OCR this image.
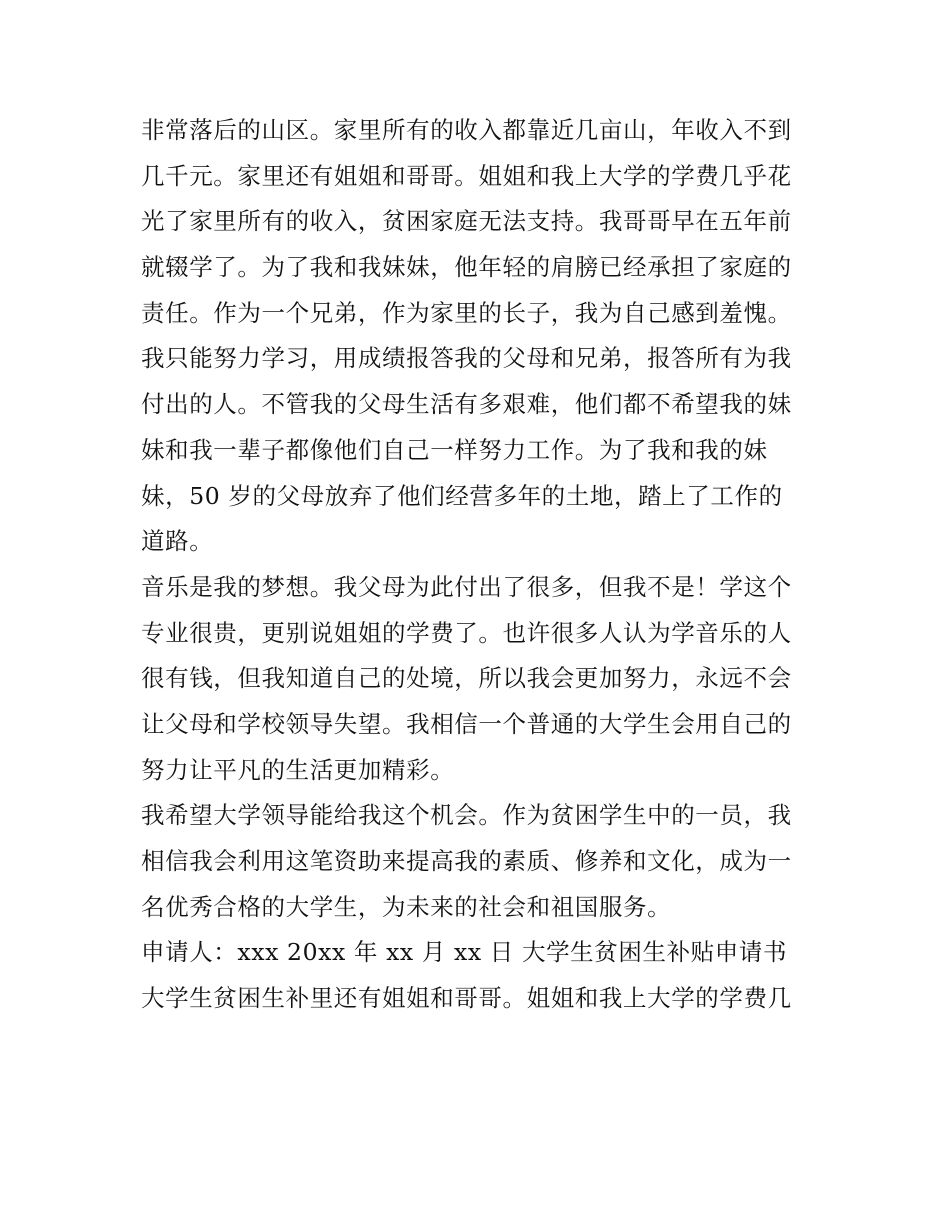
非常落后的山区。家里所有的收入都靠近几亩山，年收入不到
几千元。家里还有姐姐和哥哥。姐姐和我上大学的学费几乎花
光了家里所有的收入，贫困家庭无法支持。我哥哥早在五年前
就辍学了。为了我和我妹妹，他年轻的肩膀已经承担了家庭的
责任。作为一个兄弟，作为家里的长子，我为自己感到羞愧。
我只能努力学习，用成绩报答我的父母和兄弟，报答所有为我
付出的人。不管我的父母生活有多艰难，他们都不希望我的妹
妹和我一辈子都像他们自己一样努力工作。为了我和我的妹
妹，50 岁的父母放弃了他们经营多年的土地，踏上了工作的
道路。
音乐是我的梦想。我父母为此付出了很多，但我不是！学这个
专业很贵，更别说姐姐的学费了。也许很多人认为学音乐的人
很有钱，但我知道自己的处境，所以我会更加努力，永远不会
让父母和学校领导失望。我相信一个普通的大学生会用自己的
努力让平凡的生活更加精彩。
我希望大学领导能给我这个机会。作为贫困学生中的一员，我
相信我会利用这笔资助来提高我的素质、修养和文化，成为一
名优秀合格的大学生，为未来的社会和祖国服务。
申请人：xxx 20xx 年 xx 月 xx 日 大学生贫困生补贴申请书
大学生贫困生补里还有姐姐和哥哥。姐姐和我上大学的学费几
